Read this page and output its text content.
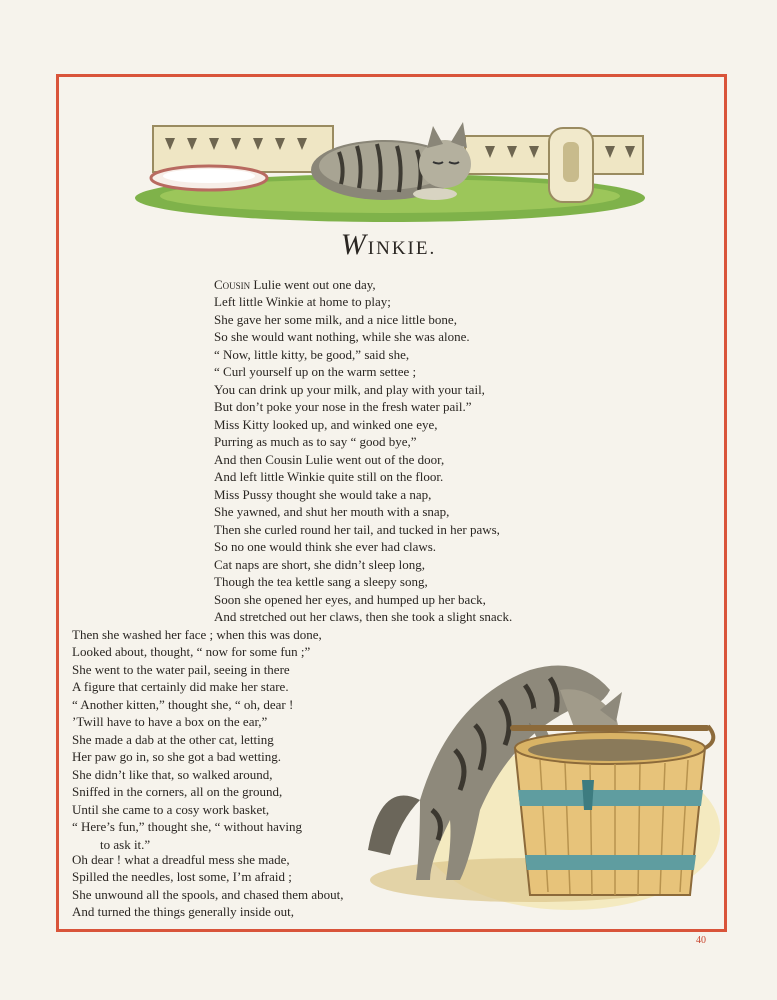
WINKIE.
Cousin Lulie went out one day,
Left little Winkie at home to play;
She gave her some milk, and a nice little bone,
So she would want nothing, while she was alone.
“ Now, little kitty, be good,” said she,
“ Curl yourself up on the warm settee ;
You can drink up your milk, and play with your tail,
But don’t poke your nose in the fresh water pail.”
Miss Kitty looked up, and winked one eye,
Purring as much as to say “ good bye,”
And then Cousin Lulie went out of the door,
And left little Winkie quite still on the floor.
Miss Pussy thought she would take a nap,
She yawned, and shut her mouth with a snap,
Then she curled round her tail, and tucked in her paws,
So no one would think she ever had claws.
Cat naps are short, she didn’t sleep long,
Though the tea kettle sang a sleepy song,
Soon she opened her eyes, and humped up her back,
And stretched out her claws, then she took a slight snack.
Then she washed her face ; when this was done,
Looked about, thought, “ now for some fun ;”
She went to the water pail, seeing in there
A figure that certainly did make her stare.
“ Another kitten,” thought she, “ oh, dear !
’Twill have to have a box on the ear,”
She made a dab at the other cat, letting
Her paw go in, so she got a bad wetting.
She didn’t like that, so walked around,
Sniffed in the corners, all on the ground,
Until she came to a cosy work basket,
“ Here’s fun,” thought she, “ without having
to ask it.”
Oh dear ! what a dreadful mess she made,
Spilled the needles, lost some, I’m afraid ;
She unwound all the spools, and chased them about,
And turned the things generally inside out,
40
